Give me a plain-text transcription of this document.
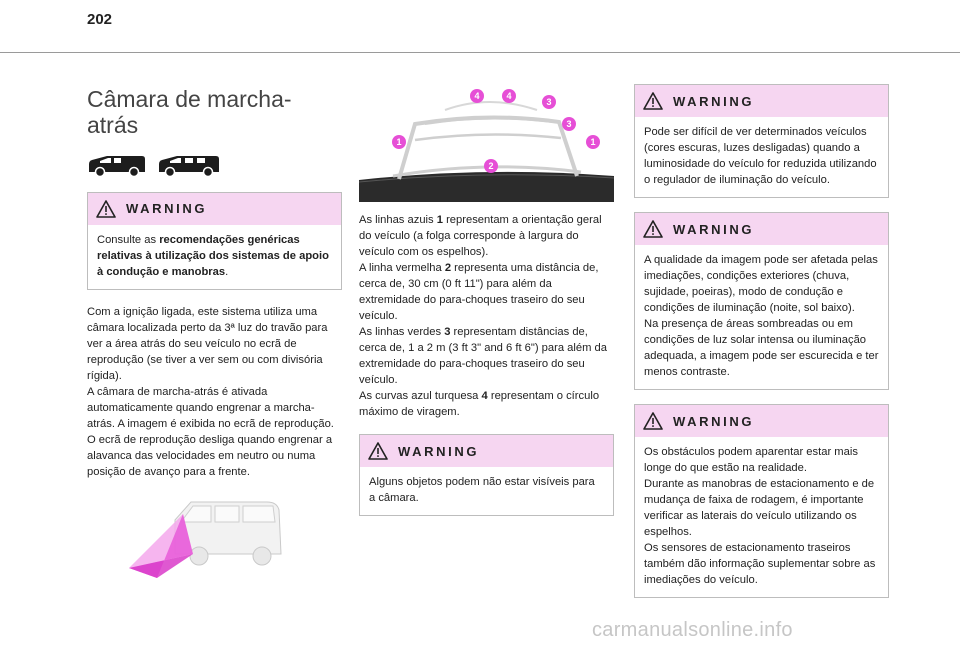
202
Câmara de marcha-atrás
WARNING
Consulte as recomendações genéricas relativas à utilização dos sistemas de apoio à condução e manobras.

Com a ignição ligada, este sistema utiliza uma câmara localizada perto da 3ª luz do travão para ver a área atrás do seu veículo no ecrã de reprodução (se tiver a ver sem ou com divisória rígida).
A câmara de marcha-atrás é ativada automaticamente quando engrenar a marcha-atrás. A imagem é exibida no ecrã de reprodução. O ecrã de reprodução desliga quando engrenar a alavanca das velocidades em neutro ou numa posição de avanço para a frente.

1	1
2
3
3
4	4

As linhas azuis 1 representam a orientação geral do veículo (a folga corresponde à largura do veículo com os espelhos).

A linha vermelha 2 representa uma distância de, cerca de, 30 cm (0 ft 11") para além da extremidade do para-choques traseiro do seu veículo.

As linhas verdes 3 representam distâncias de, cerca de, 1 a 2 m (3 ft 3" and 6 ft 6") para além da extremidade do para-choques traseiro do seu veículo.

As curvas azul turquesa 4 representam o círculo máximo de viragem.

WARNING
Alguns objetos podem não estar visíveis para a câmara.
WARNING
Pode ser difícil de ver determinados veículos (cores escuras, luzes desligadas) quando a luminosidade do veículo for reduzida utilizando o regulador de iluminação do veículo.
WARNING
A qualidade da imagem pode ser afetada pelas imediações, condições exteriores (chuva, sujidade, poeiras), modo de condução e condições de iluminação (noite, sol baixo).
Na presença de áreas sombreadas ou em condições de luz solar intensa ou iluminação adequada, a imagem pode ser escurecida e ter menos contraste.
WARNING
Os obstáculos podem aparentar estar mais longe do que estão na realidade.
Durante as manobras de estacionamento e de mudança de faixa de rodagem, é importante verificar as laterais do veículo utilizando os espelhos.
Os sensores de estacionamento traseiros também dão informação suplementar sobre as imediações do veículo.
carmanualsonline.info
